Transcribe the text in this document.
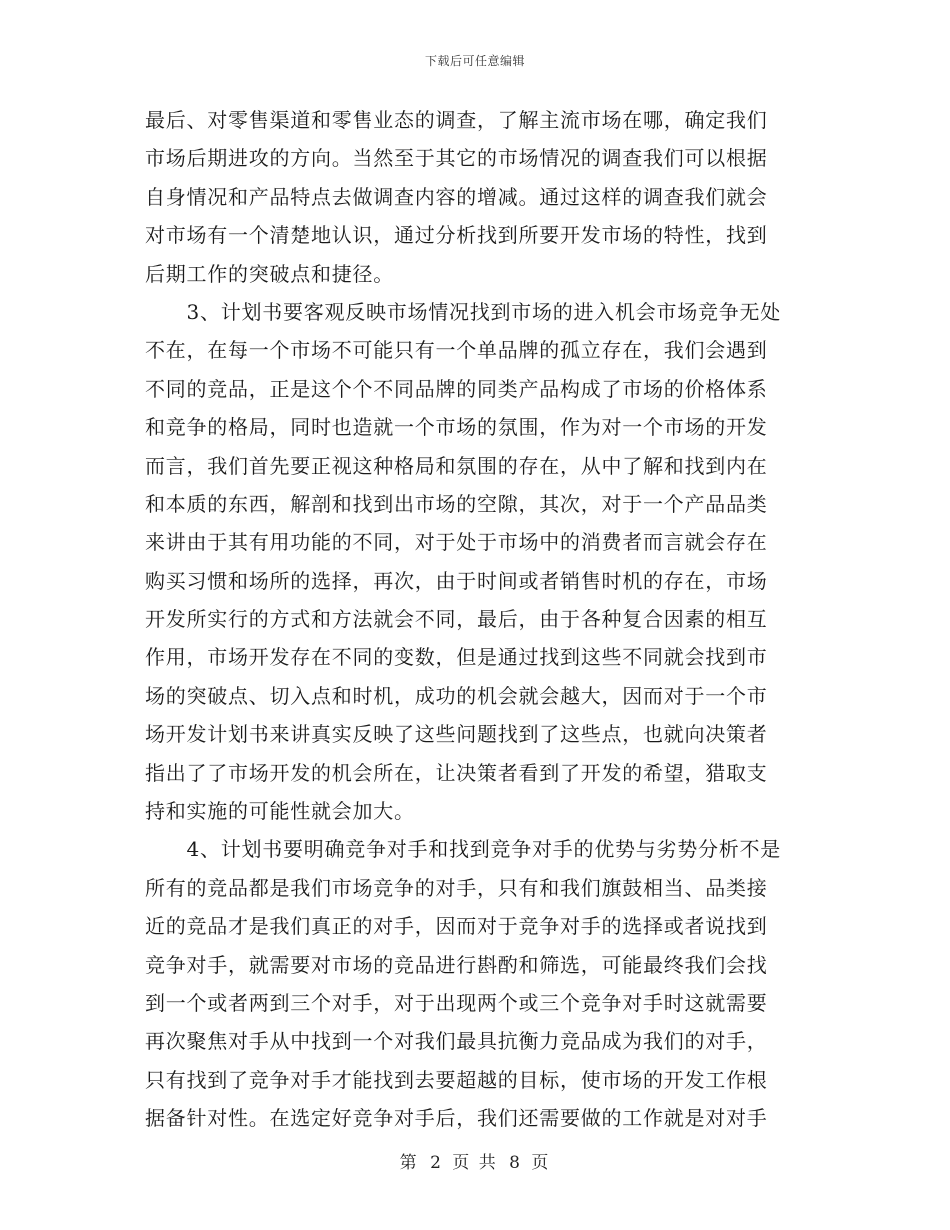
下载后可任意编辑
最后、对零售渠道和零售业态的调查，了解主流市场在哪，确定我们
市场后期进攻的方向。当然至于其它的市场情况的调查我们可以根据
自身情况和产品特点去做调查内容的增减。通过这样的调查我们就会
对市场有一个清楚地认识，通过分析找到所要开发市场的特性，找到
后期工作的突破点和捷径。
　　3、计划书要客观反映市场情况找到市场的进入机会市场竞争无处
不在，在每一个市场不可能只有一个单品牌的孤立存在，我们会遇到
不同的竞品，正是这个个不同品牌的同类产品构成了市场的价格体系
和竞争的格局，同时也造就一个市场的氛围，作为对一个市场的开发
而言，我们首先要正视这种格局和氛围的存在，从中了解和找到内在
和本质的东西，解剖和找到出市场的空隙，其次，对于一个产品品类
来讲由于其有用功能的不同，对于处于市场中的消费者而言就会存在
购买习惯和场所的选择，再次，由于时间或者销售时机的存在，市场
开发所实行的方式和方法就会不同，最后，由于各种复合因素的相互
作用，市场开发存在不同的变数，但是通过找到这些不同就会找到市
场的突破点、切入点和时机，成功的机会就会越大，因而对于一个市
场开发计划书来讲真实反映了这些问题找到了这些点，也就向决策者
指出了了市场开发的机会所在，让决策者看到了开发的希望，猎取支
持和实施的可能性就会加大。
　　4、计划书要明确竞争对手和找到竞争对手的优势与劣势分析不是
所有的竞品都是我们市场竞争的对手，只有和我们旗鼓相当、品类接
近的竞品才是我们真正的对手，因而对于竞争对手的选择或者说找到
竞争对手，就需要对市场的竞品进行斟酌和筛选，可能最终我们会找
到一个或者两到三个对手，对于出现两个或三个竞争对手时这就需要
再次聚焦对手从中找到一个对我们最具抗衡力竞品成为我们的对手，
只有找到了竞争对手才能找到去要超越的目标，使市场的开发工作根
据备针对性。在选定好竞争对手后，我们还需要做的工作就是对对手
第 2 页 共 8 页
